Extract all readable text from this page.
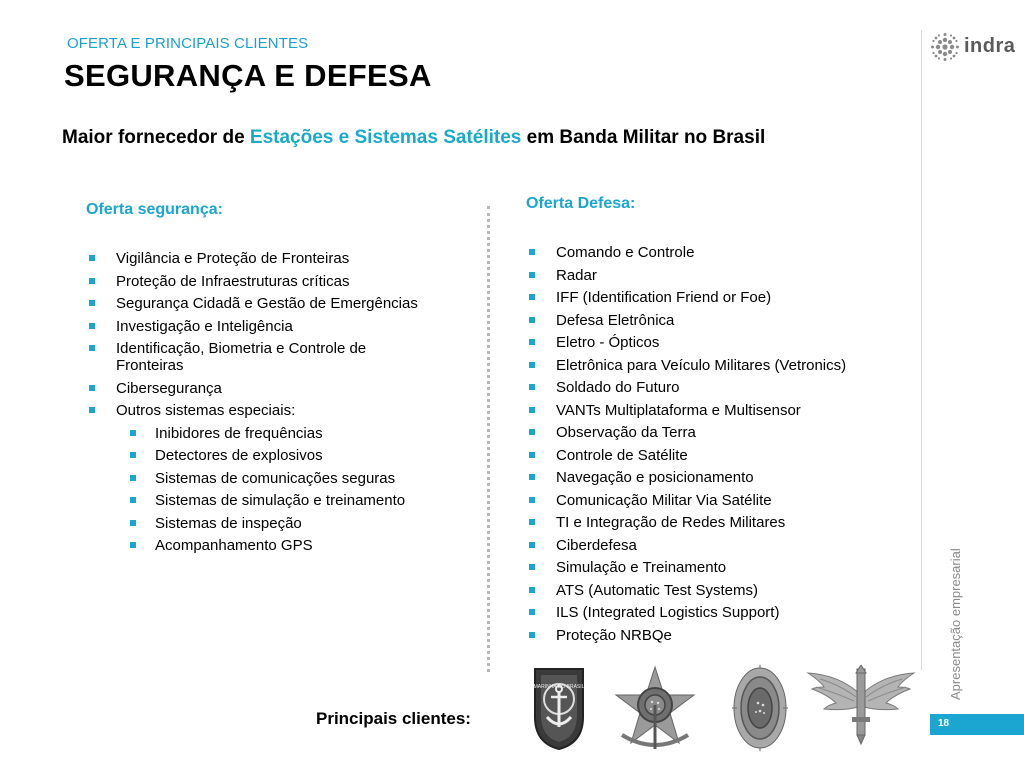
OFERTA E PRINCIPAIS CLIENTES
SEGURANÇA E DEFESA
Maior fornecedor de Estações e Sistemas Satélites em Banda Militar no Brasil
indra
Apresentação empresarial
18
Oferta segurança:
Vigilância e Proteção de Fronteiras
Proteção de Infraestruturas críticas
Segurança Cidadã e Gestão de Emergências
Investigação e Inteligência
Identificação, Biometria e Controle de Fronteiras
Cibersegurança
Outros sistemas especiais:
Inibidores de frequências
Detectores de explosivos
Sistemas de comunicações seguras
Sistemas de simulação e treinamento
Sistemas de inspeção
Acompanhamento GPS
Oferta Defesa:
Comando e Controle
Radar
IFF (Identification Friend or Foe)
Defesa Eletrônica
Eletro - Ópticos
Eletrônica para Veículo Militares (Vetronics)
Soldado do Futuro
VANTs Multiplataforma e Multisensor
Observação da Terra
Controle de Satélite
Navegação e posicionamento
Comunicação Militar Via Satélite
TI e Integração de Redes Militares
Ciberdefesa
Simulação e Treinamento
ATS (Automatic Test Systems)
ILS (Integrated Logistics Support)
Proteção NRBQe
Principais clientes:
MARINHA DO BRASIL
